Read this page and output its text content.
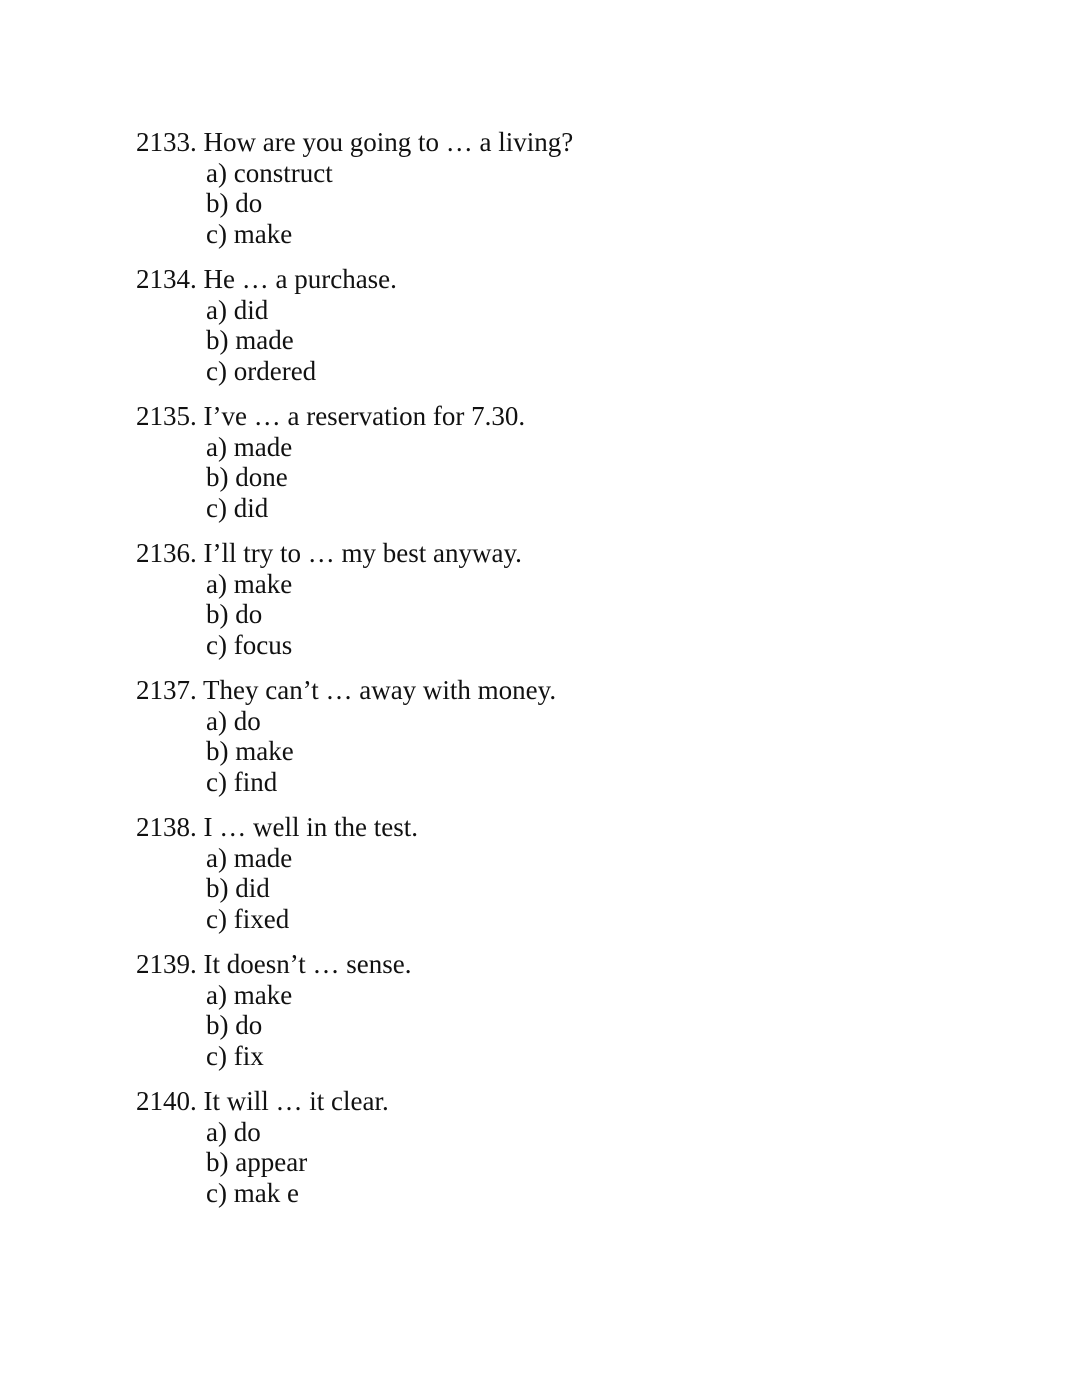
2133. How are you going to … a living?
a) construct
b) do
c) make
2134. He … a purchase.
a) did
b) made
c) ordered
2135. I’ve … a reservation for 7.30.
a) made
b) done
c) did
2136. I’ll try to … my best anyway.
a) make
b) do
c) focus
2137. They can’t … away with money.
a) do
b) make
c) find
2138. I … well in the test.
a) made
b) did
c) fixed
2139. It doesn’t … sense.
a) make
b) do
c) fix
2140. It will … it clear.
a) do
b) appear
c) mak e
